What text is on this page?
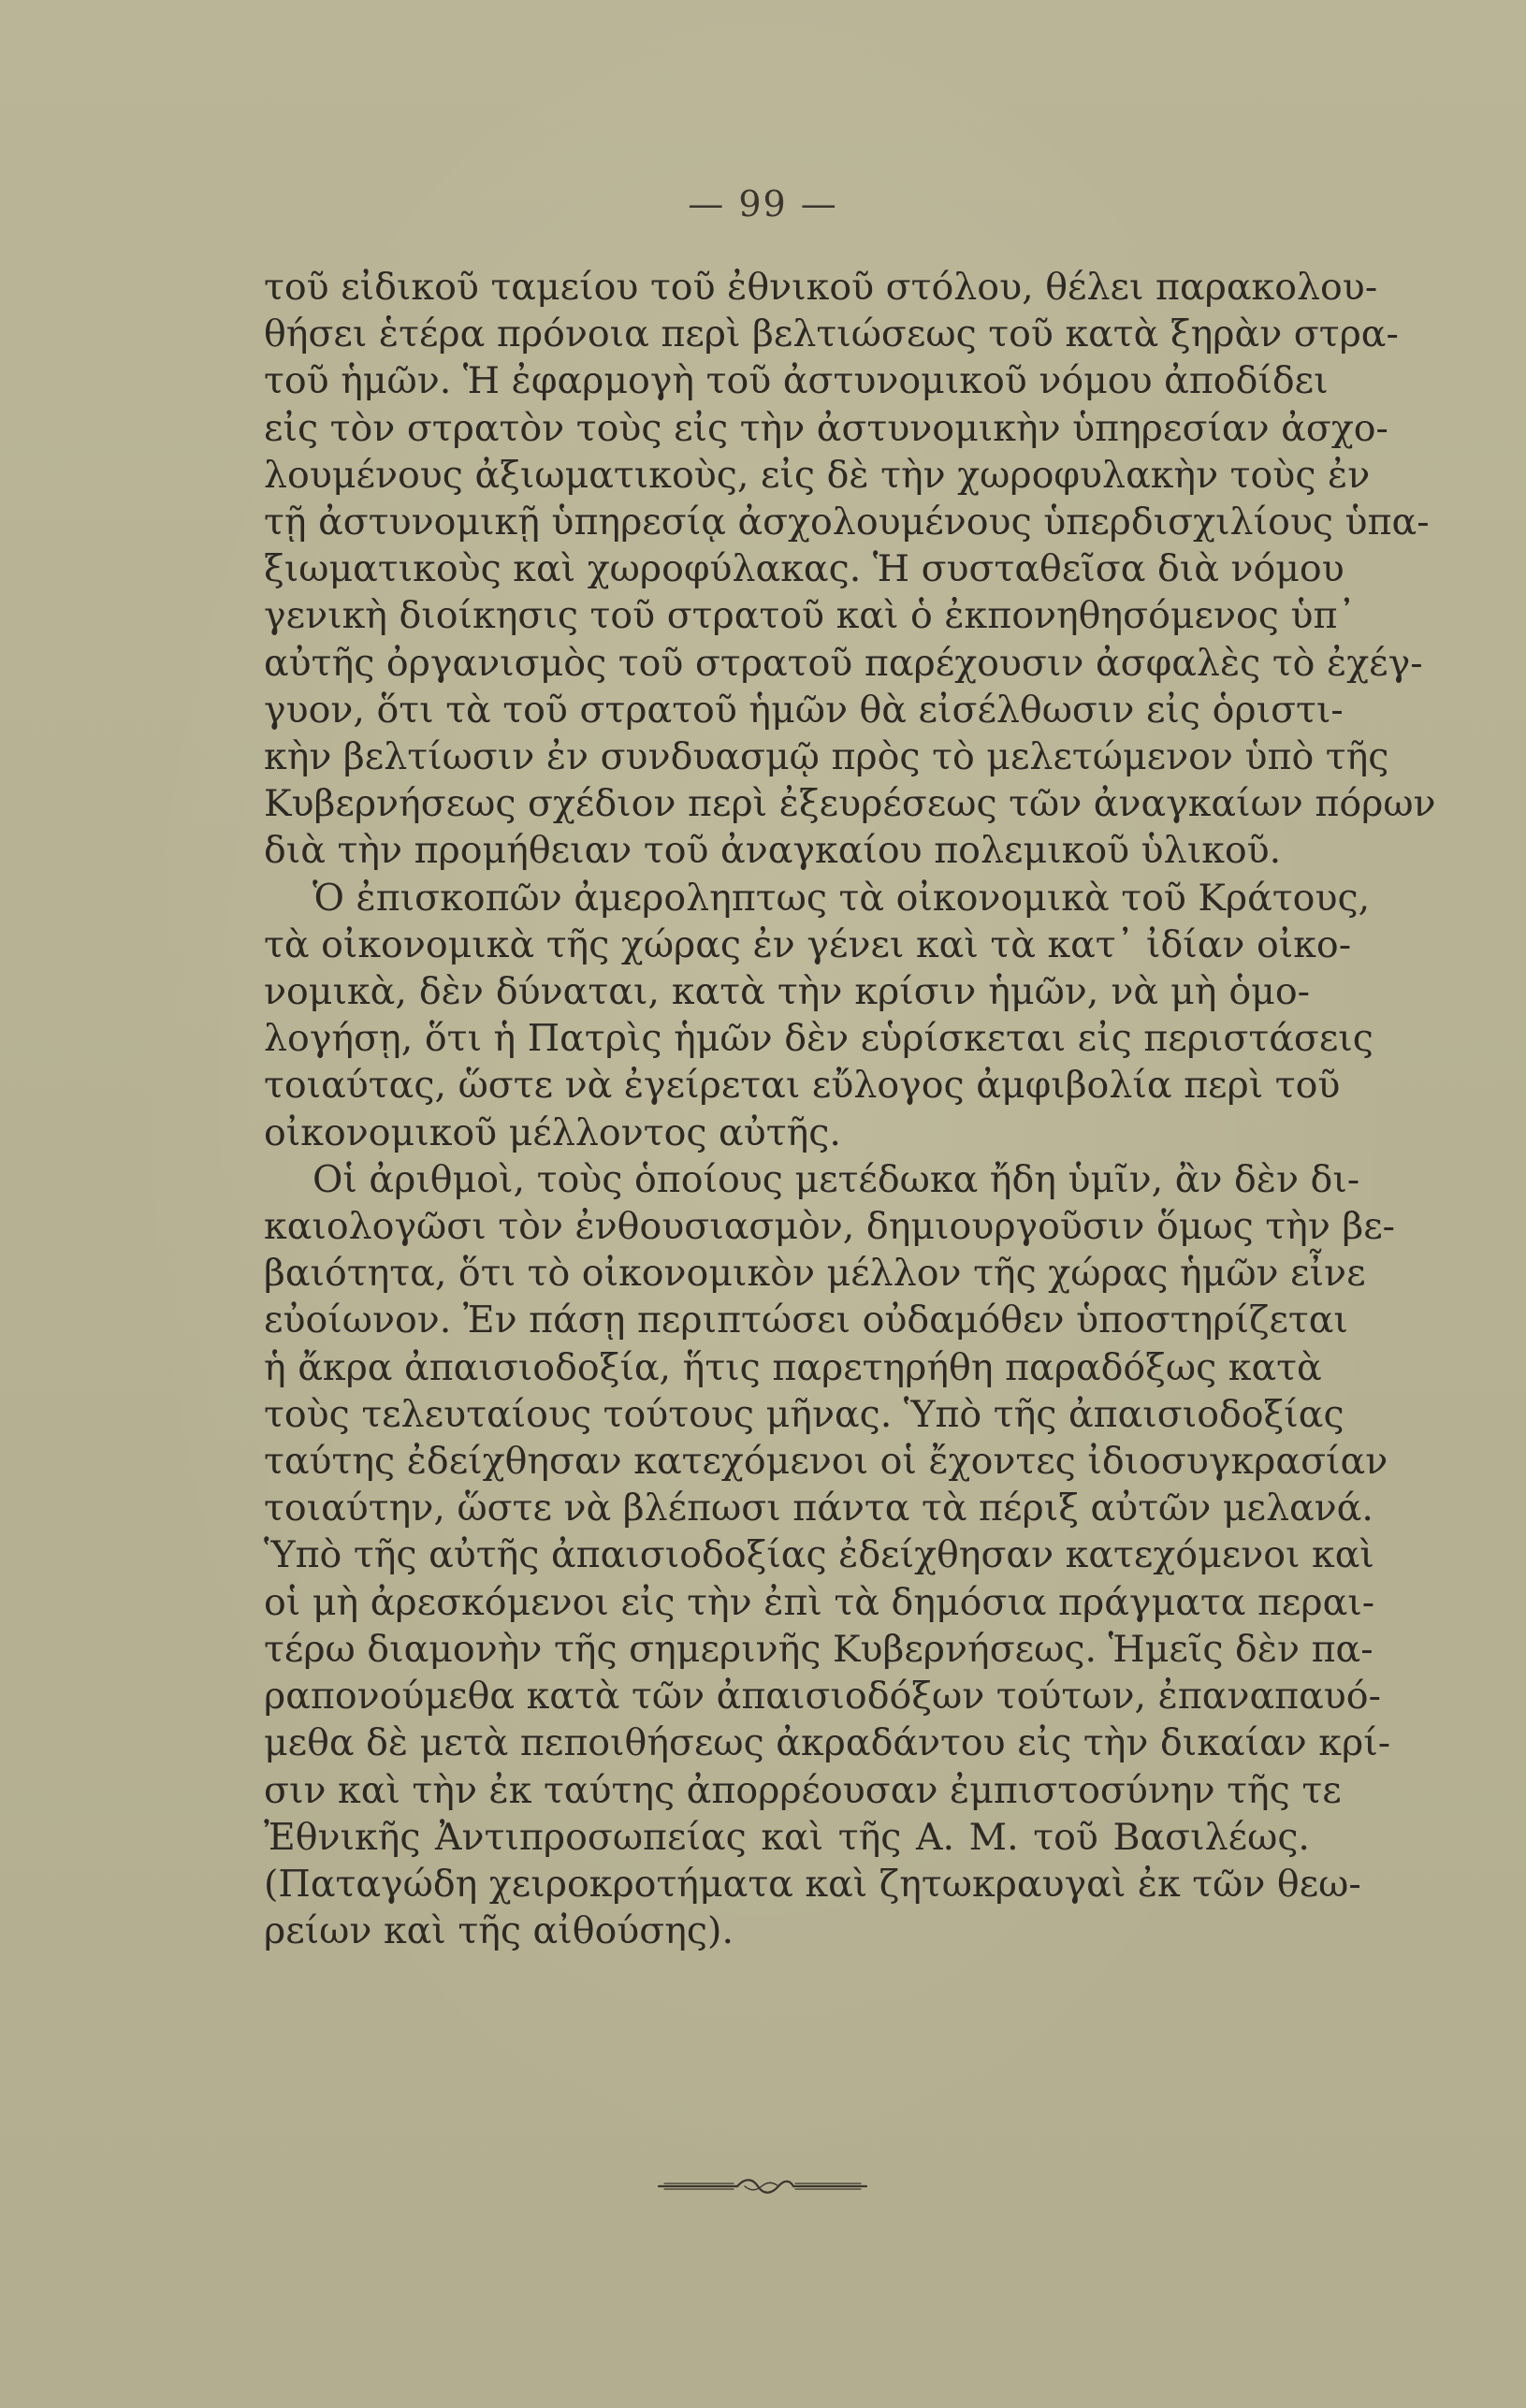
— 99 —

τοῦ εἰδικοῦ ταμείου τοῦ ἐθνικοῦ στόλου, θέλει παρακολου-
θήσει ἑτέρα πρόνοια περὶ βελτιώσεως τοῦ κατὰ ξηρὰν στρα-
τοῦ ἡμῶν. Ἡ ἐφαρμογὴ τοῦ ἀστυνομικοῦ νόμου ἀποδίδει
εἰς τὸν στρατὸν τοὺς εἰς τὴν ἀστυνομικὴν ὑπηρεσίαν ἀσχο-
λουμένους ἀξιωματικοὺς, εἰς δὲ τὴν χωροφυλακὴν τοὺς ἐν
τῇ ἀστυνομικῇ ὑπηρεσίᾳ ἀσχολουμένους ὑπερδισχιλίους ὑπα-
ξιωματικοὺς καὶ χωροφύλακας. Ἡ συσταθεῖσα διὰ νόμου
γενικὴ διοίκησις τοῦ στρατοῦ καὶ ὁ ἐκπονηθησόμενος ὑπ᾽
αὐτῆς ὀργανισμὸς τοῦ στρατοῦ παρέχουσιν ἀσφαλὲς τὸ ἐχέγ-
γυον, ὅτι τὰ τοῦ στρατοῦ ἡμῶν θὰ εἰσέλθωσιν εἰς ὁριστι-
κὴν βελτίωσιν ἐν συνδυασμῷ πρὸς τὸ μελετώμενον ὑπὸ τῆς
Κυβερνήσεως σχέδιον περὶ ἐξευρέσεως τῶν ἀναγκαίων πόρων
διὰ τὴν προμήθειαν τοῦ ἀναγκαίου πολεμικοῦ ὑλικοῦ.

Ὁ ἐπισκοπῶν ἀμεροληπτως τὰ οἰκονομικὰ τοῦ Κράτους,
τὰ οἰκονομικὰ τῆς χώρας ἐν γένει καὶ τὰ κατ᾽ ἰδίαν οἰκο-
νομικὰ, δὲν δύναται, κατὰ τὴν κρίσιν ἡμῶν, νὰ μὴ ὁμο-
λογήσῃ, ὅτι ἡ Πατρὶς ἡμῶν δὲν εὑρίσκεται εἰς περιστάσεις
τοιαύτας, ὥστε νὰ ἐγείρεται εὔλογος ἀμφιβολία περὶ τοῦ
οἰκονομικοῦ μέλλοντος αὐτῆς.

Οἱ ἀριθμοὶ, τοὺς ὁποίους μετέδωκα ἤδη ὑμῖν, ἂν δὲν δι-
καιολογῶσι τὸν ἐνθουσιασμὸν, δημιουργοῦσιν ὅμως τὴν βε-
βαιότητα, ὅτι τὸ οἰκονομικὸν μέλλον τῆς χώρας ἡμῶν εἶνε
εὐοίωνον. Ἐν πάσῃ περιπτώσει οὐδαμόθεν ὑποστηρίζεται
ἡ ἄκρα ἀπαισιοδοξία, ἥτις παρετηρήθη παραδόξως κατὰ
τοὺς τελευταίους τούτους μῆνας. Ὑπὸ τῆς ἀπαισιοδοξίας
ταύτης ἐδείχθησαν κατεχόμενοι οἱ ἔχοντες ἰδιοσυγκρασίαν
τοιαύτην, ὥστε νὰ βλέπωσι πάντα τὰ πέριξ αὐτῶν μελανά.
Ὑπὸ τῆς αὐτῆς ἀπαισιοδοξίας ἐδείχθησαν κατεχόμενοι καὶ
οἱ μὴ ἀρεσκόμενοι εἰς τὴν ἐπὶ τὰ δημόσια πράγματα περαι-
τέρω διαμονὴν τῆς σημερινῆς Κυβερνήσεως. Ἡμεῖς δὲν πα-
ραπονούμεθα κατὰ τῶν ἀπαισιοδόξων τούτων, ἐπαναπαυό-
μεθα δὲ μετὰ πεποιθήσεως ἀκραδάντου εἰς τὴν δικαίαν κρί-
σιν καὶ τὴν ἐκ ταύτης ἀπορρέουσαν ἐμπιστοσύνην τῆς τε
Ἐθνικῆς Ἀντιπροσωπείας καὶ τῆς Α. Μ. τοῦ Βασιλέως.
(Παταγώδη χειροκροτήματα καὶ ζητωκραυγαὶ ἐκ τῶν θεω-
ρείων καὶ τῆς αἰθούσης).
